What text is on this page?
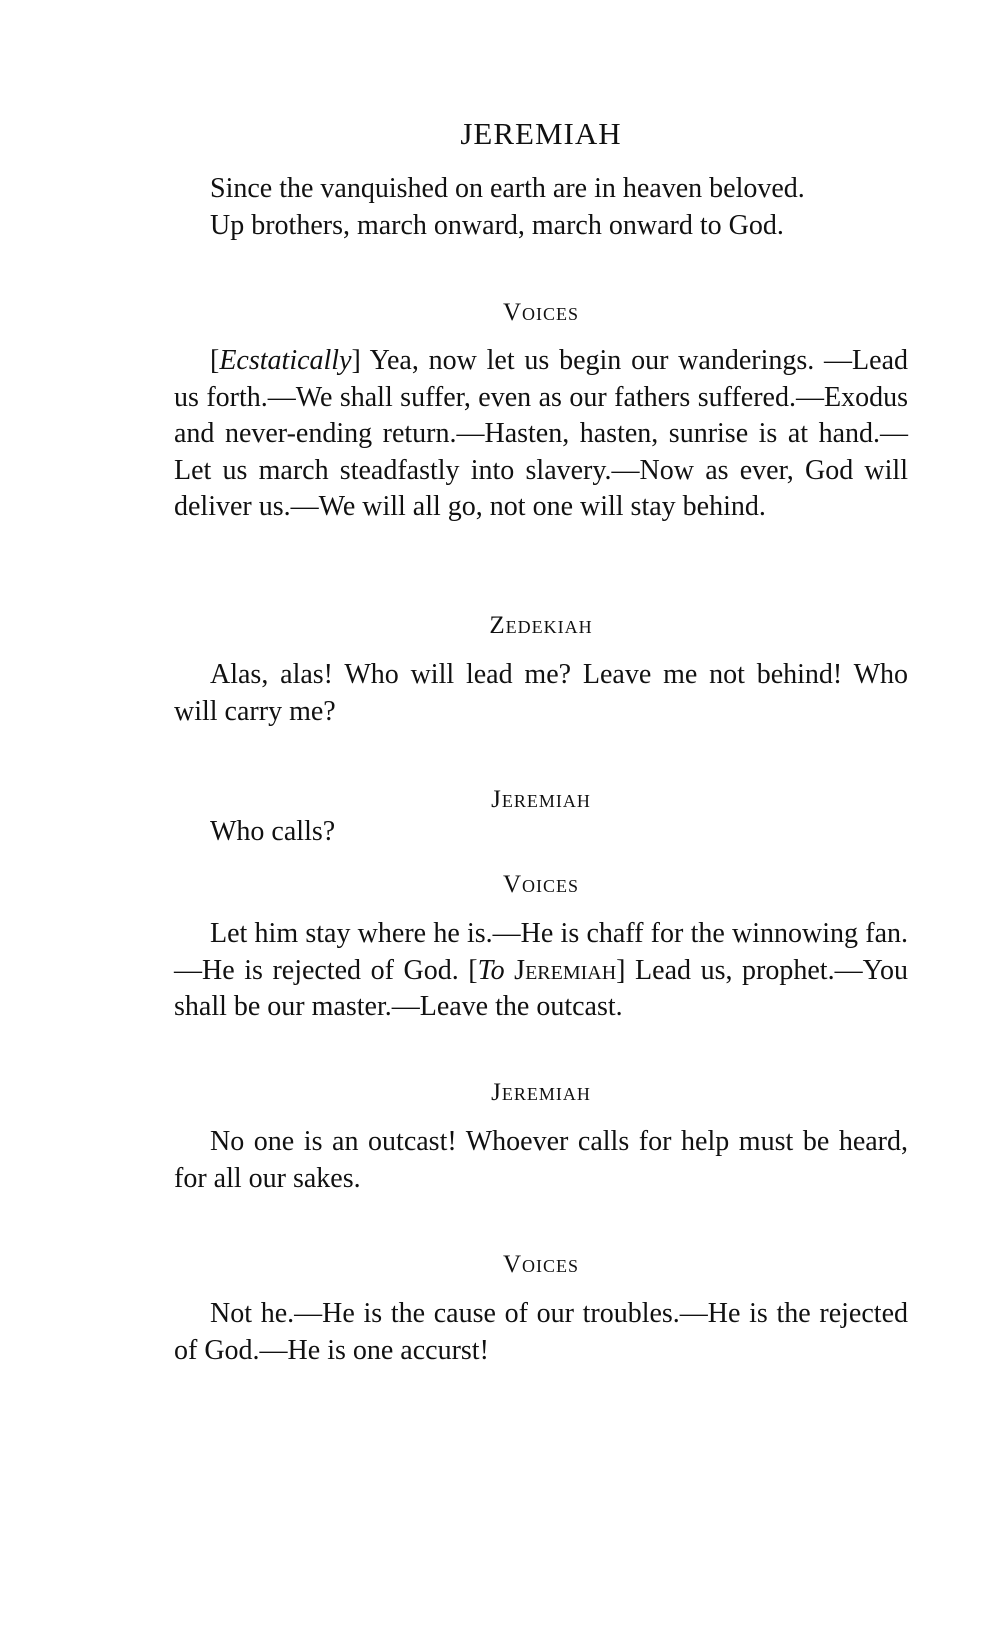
JEREMIAH
Since the vanquished on earth are in heaven beloved.
Up brothers, march onward, march onward to God.
Voices
[Ecstatically] Yea, now let us begin our wanderings. —Lead us forth.—We shall suffer, even as our fathers suffered.—Exodus and never-ending return.—Hasten, hasten, sunrise is at hand.—Let us march steadfastly into slavery.—Now as ever, God will deliver us.—We will all go, not one will stay behind.
Zedekiah
Alas, alas! Who will lead me? Leave me not behind! Who will carry me?
Jeremiah
Who calls?
Voices
Let him stay where he is.—He is chaff for the winnowing fan.—He is rejected of God. [To Jeremiah] Lead us, prophet.—You shall be our master.—Leave the outcast.
Jeremiah
No one is an outcast! Whoever calls for help must be heard, for all our sakes.
Voices
Not he.—He is the cause of our troubles.—He is the rejected of God.—He is one accurst!
